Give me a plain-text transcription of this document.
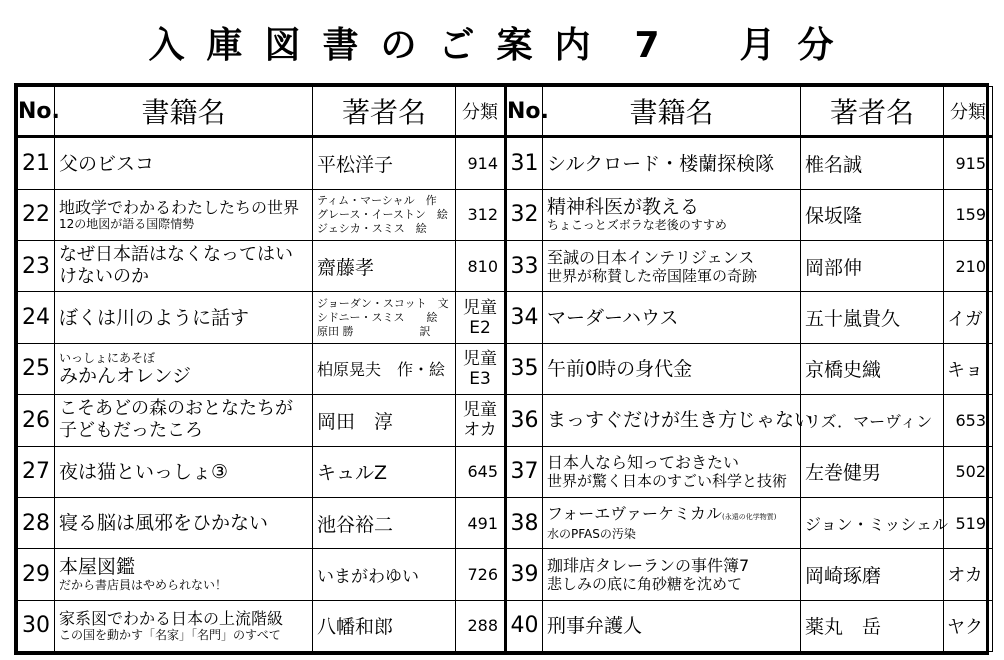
入庫図書のご案内 7　月分
No.	書籍名	著者名	分類	No.	書籍名	著者名	分類
21	父のビスコ	平松洋子	914	31	シルクロード・楼蘭探検隊	椎名誠	915

22	地政学でわかるわたしたちの世界
12の地図が語る国際情勢	ティム・マーシャル　作
グレース・イーストン　絵
ジェシカ・スミス　絵	312	32	精神科医が教える
ちょこっとズボラな老後のすすめ	保坂隆	159

23	なぜ日本語はなくなってはいけないのか	齋藤孝	810	33	至誠の日本インテリジェンス
世界が称賛した帝国陸軍の奇跡	岡部伸	210

24	ぼくは川のように話す	ジョーダン・スコット　文
シドニー・スミス　　絵
原田 勝　　　　　　訳	児童
E2	34	マーダーハウス	五十嵐貴久	イガ

25	いっしょにあそぼ
みかんオレンジ	柏原晃夫　作・絵	児童
E3	35	午前0時の身代金	京橋史織	キョ

26	こそあどの森のおとなたちが子どもだったころ	岡田　淳	児童
オカ	36	まっすぐだけが生き方じゃない	リズ．マーヴィン	653

27	夜は猫といっしょ③	キュルZ	645	37	日本人なら知っておきたい
世界が驚く日本のすごい科学と技術	左巻健男	502

28	寝る脳は風邪をひかない	池谷裕二	491	38	フォーエヴァーケミカル(永遠の化学物質)
水のPFASの汚染	ジョン・ミッシェル	519

29	本屋図鑑
だから書店員はやめられない！	いまがわゆい	726	39	珈琲店タレーランの事件簿7
悲しみの底に角砂糖を沈めて	岡崎琢磨	オカ

30	家系図でわかる日本の上流階級
この国を動かす「名家」「名門」のすべて	八幡和郎	288	40	刑事弁護人	薬丸　岳	ヤク
